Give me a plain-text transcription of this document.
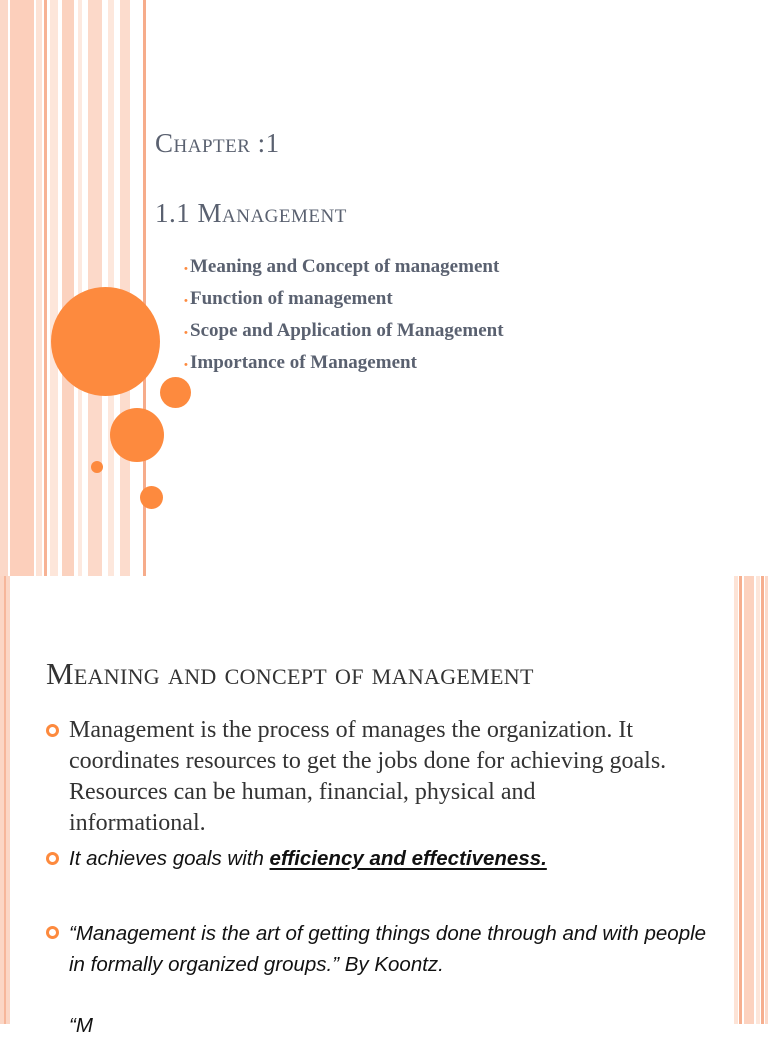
Chapter :1
1.1 Management
• Meaning and Concept of management
• Function of management
• Scope and Application of Management
• Importance of Management
Meaning and concept of management
Management is the process of manages the organization. It coordinates resources to get the jobs done for achieving goals. Resources can be human, financial, physical and informational.
It achieves goals with efficiency and effectiveness.
“Management is the art of getting things done through and with people in formally organized groups.” By Koontz.
“M
